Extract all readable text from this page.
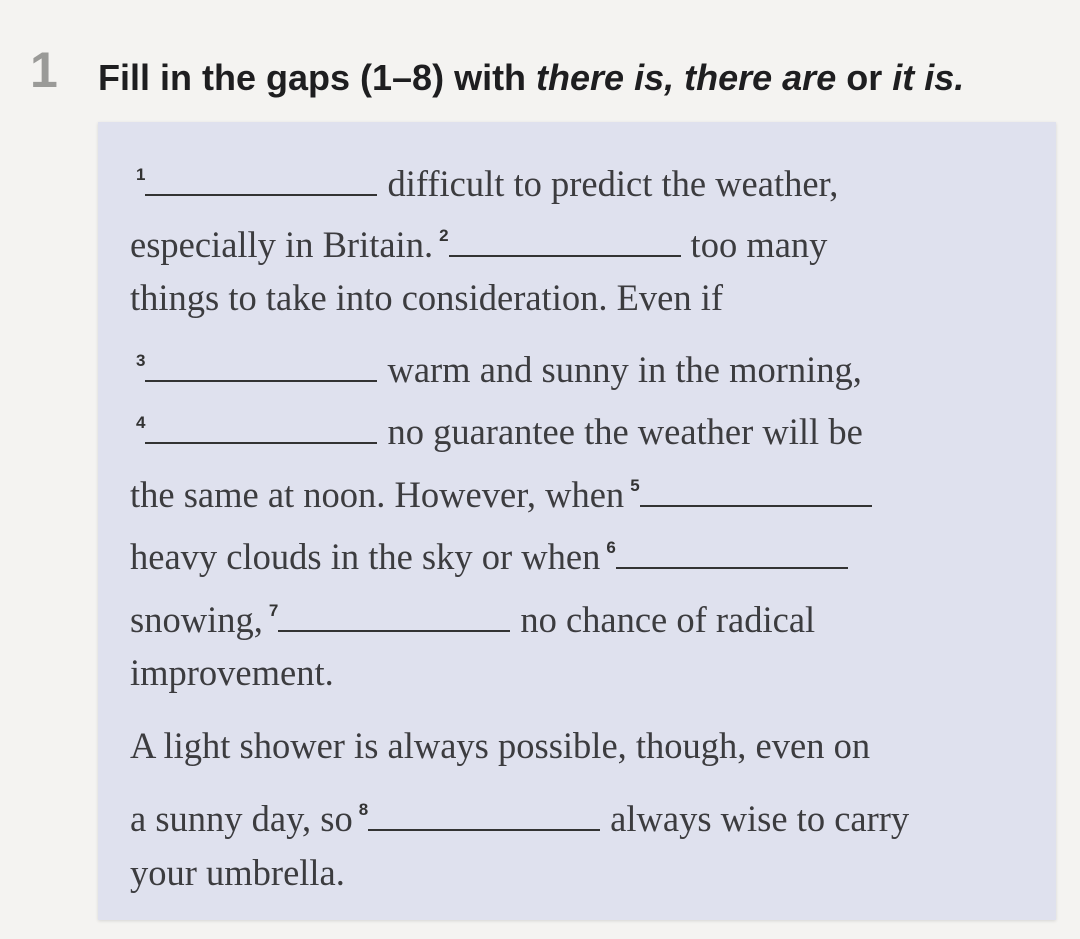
1 Fill in the gaps (1–8) with there is, there are or it is.
$^1$	difficult to predict the weather,
especially in Britain. $^2$	too many
things to take into consideration. Even if
$^3$	warm and sunny in the morning,
$^4$	no guarantee the weather will be
the same at noon. However, when $^5$
heavy clouds in the sky or when $^6$
snowing, $^7$	no chance of radical
improvement.
A light shower is always possible, though, even on
a sunny day, so $^8$	always wise to carry
your umbrella.
